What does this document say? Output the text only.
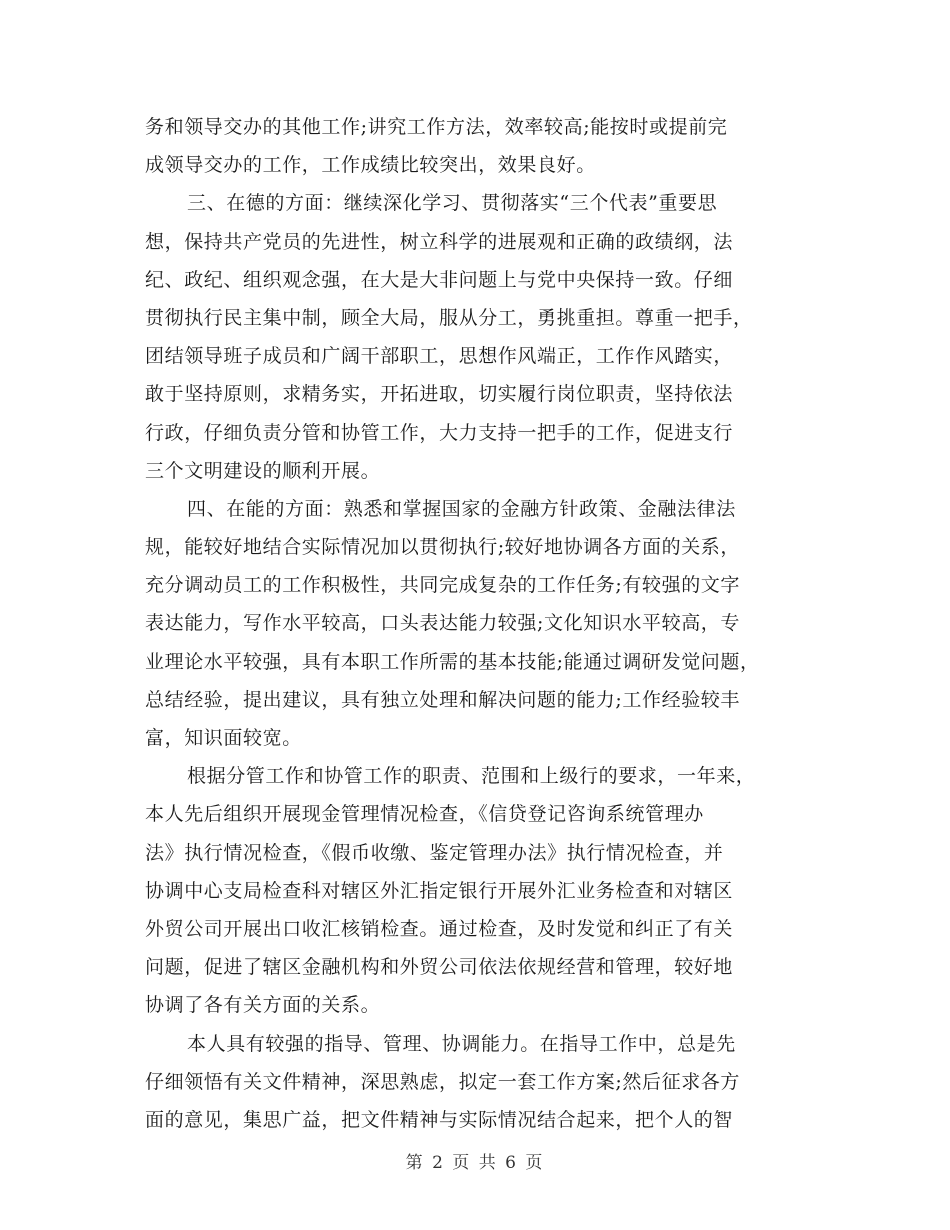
务和领导交办的其他工作;讲究工作方法，效率较高;能按时或提前完
成领导交办的工作，工作成绩比较突出，效果良好。
三、在德的方面：继续深化学习、贯彻落实“三个代表”重要思
想，保持共产党员的先进性，树立科学的进展观和正确的政绩纲，法
纪、政纪、组织观念强，在大是大非问题上与党中央保持一致。仔细
贯彻执行民主集中制，顾全大局，服从分工，勇挑重担。尊重一把手，
团结领导班子成员和广阔干部职工，思想作风端正，工作作风踏实，
敢于坚持原则，求精务实，开拓进取，切实履行岗位职责，坚持依法
行政，仔细负责分管和协管工作，大力支持一把手的工作，促进支行
三个文明建设的顺利开展。
四、在能的方面：熟悉和掌握国家的金融方针政策、金融法律法
规，能较好地结合实际情况加以贯彻执行;较好地协调各方面的关系，
充分调动员工的工作积极性，共同完成复杂的工作任务;有较强的文字
表达能力，写作水平较高，口头表达能力较强;文化知识水平较高，专
业理论水平较强，具有本职工作所需的基本技能;能通过调研发觉问题，
总结经验，提出建议，具有独立处理和解决问题的能力;工作经验较丰
富，知识面较宽。
根据分管工作和协管工作的职责、范围和上级行的要求，一年来，
本人先后组织开展现金管理情况检查，《信贷登记咨询系统管理办
法》执行情况检查，《假币收缴、鉴定管理办法》执行情况检查，并
协调中心支局检查科对辖区外汇指定银行开展外汇业务检查和对辖区
外贸公司开展出口收汇核销检查。通过检查，及时发觉和纠正了有关
问题，促进了辖区金融机构和外贸公司依法依规经营和管理，较好地
协调了各有关方面的关系。
本人具有较强的指导、管理、协调能力。在指导工作中，总是先
仔细领悟有关文件精神，深思熟虑，拟定一套工作方案;然后征求各方
面的意见，集思广益，把文件精神与实际情况结合起来，把个人的智
第 2 页 共 6 页
